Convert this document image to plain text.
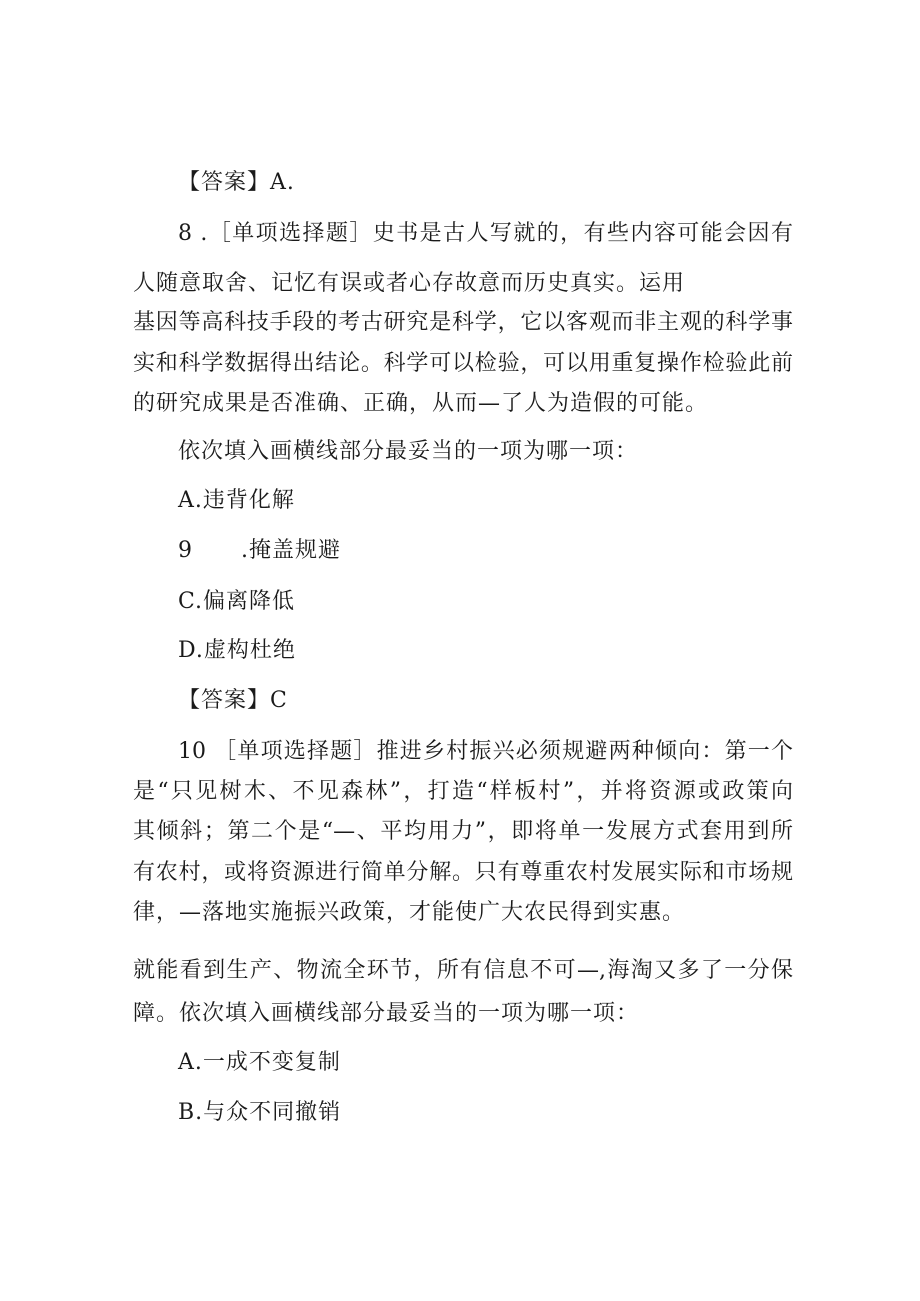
【答案】A.
8 .［单项选择题］史书是古人写就的，有些内容可能会因有
人随意取舍、记忆有误或者心存故意而历史真实。运用
基因等高科技手段的考古研究是科学，它以客观而非主观的科学事
实和科学数据得出结论。科学可以检验，可以用重复操作检验此前
的研究成果是否准确、正确，从而—了人为造假的可能。
依次填入画横线部分最妥当的一项为哪一项：
A.违背化解
9 .掩盖规避
C.偏离降低
D.虚构杜绝
【答案】C
10 ［单项选择题］推进乡村振兴必须规避两种倾向：第一个
是“只见树木、不见森林”，打造“样板村”，并将资源或政策向
其倾斜；第二个是“—、平均用力”，即将单一发展方式套用到所
有农村，或将资源进行简单分解。只有尊重农村发展实际和市场规
律，—落地实施振兴政策，才能使广大农民得到实惠。
就能看到生产、物流全环节，所有信息不可—,海淘又多了一分保
障。依次填入画横线部分最妥当的一项为哪一项：
A.一成不变复制
B.与众不同撤销
